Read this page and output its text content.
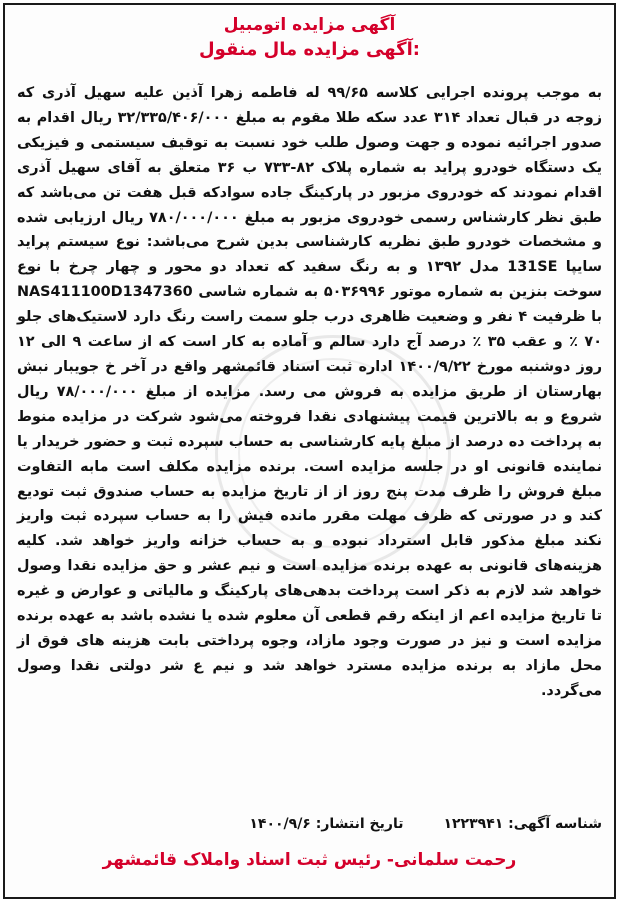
آگهی مزایده اتومبیل
آگهی مزایده مال منقول:

به موجب پرونده اجرایی کلاسه ۹۹/۶۵ له فاطمه زهرا آذین علیه سهیل آذری که زوجه در قبال تعداد ۳۱۴ عدد سکه طلا مقوم به مبلغ ۳۲/۳۳۵/۴۰۶/۰۰۰ ریال اقدام به صدور اجرائیه نموده و جهت وصول طلب خود نسبت به توقیف سیستمی و فیزیکی یک دستگاه خودرو پراید به شماره پلاک ۸۲-۷۳۳ ب ۳۶ متعلق به آقای سهیل آذری اقدام نمودند که خودروی مزبور در پارکینگ جاده سوادکه قبل هفت تن می‌باشد که طبق نظر کارشناس رسمی خودروی مزبور به مبلغ ۷۸۰/۰۰۰/۰۰۰ ریال ارزیابی شده و مشخصات خودرو طبق نظریه کارشناسی بدین شرح می‌باشد: نوع سیستم پراید سایپا 131SE مدل ۱۳۹۲ و به رنگ سفید که تعداد دو محور و چهار چرخ با نوع سوخت بنزین به شماره موتور ۵۰۳۶۹۹۶ به شماره شاسی NAS411100D1347360 با ظرفیت ۴ نفر و وضعیت ظاهری درب جلو سمت راست رنگ دارد لاستیک‌های جلو ۷۰ ٪ و عقب ۳۵ ٪ درصد آج دارد سالم و آماده به کار است که از ساعت ۹ الی ۱۲ روز دوشنبه مورخ ۱۴۰۰/۹/۲۲ اداره ثبت اسناد قائمشهر واقع در آخر خ جویبار نبش بهارستان از طریق مزایده به فروش می رسد. مزایده از مبلغ ۷۸/۰۰۰/۰۰۰ ریال شروع و به بالاترین قیمت پیشنهادی نقدا فروخته می‌شود شرکت در مزایده منوط به پرداخت ده درصد از مبلغ پایه کارشناسی به حساب سپرده ثبت و حضور خریدار یا نماینده قانونی او در جلسه مزایده است. برنده مزایده مکلف است مابه التفاوت مبلغ فروش را ظرف مدت پنج روز از از تاریخ مزایده به حساب صندوق ثبت تودیع کند و در صورتی که ظرف مهلت مقرر مانده فیش را به حساب سپرده ثبت واریز نکند مبلغ مذکور قابل استرداد نبوده و به حساب خزانه واریز خواهد شد. کلیه هزینه‌های قانونی به عهده برنده مزایده است و نیم عشر و حق مزایده نقدا وصول خواهد شد لازم به ذکر است پرداخت بدهی‌های پارکینگ و مالیاتی و عوارض و غیره تا تاریخ مزایده اعم از اینکه رقم قطعی آن معلوم شده یا نشده باشد به عهده برنده مزایده است و نیز در صورت وجود مازاد، وجوه پرداختی بابت هزینه های فوق از محل مازاد به برنده مزایده مسترد خواهد شد و نیم ع شر دولتی نقدا وصول می‌گردد.

شناسه آگهی: ۱۲۲۳۹۴۱
تاریخ انتشار: ۱۴۰۰/۹/۶
رحمت سلمانی- رئیس ثبت اسناد واملاک قائمشهر
